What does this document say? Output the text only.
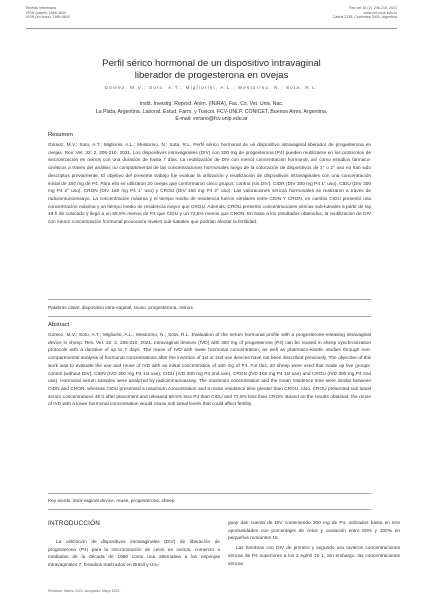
Revista Veterinaria
ISSN (papel): 1668-4834
ISSN (en línea): 1669-6840
Rev vet 32 (2): 206-210, 2021
www.vet.unne.edu.ar
Cabral 2139, Corrientes 3400, Argentina
Perfil sérico hormonal de un dispositivo intravaginal
liberador de progesterona en ovejas
Gómez, M.V.; Soto, A.T.; Migliorisi, A.L.; Mestorino, N.; Sota, R.L.
Instit. Investig. Reprod. Anim. (INIRA), Fac. Cs. Vet. Univ. Nac.
La Plata, Argentina. Laborat. Estud. Farm. y Toxicol. FCV-UNLP. CONICET, Buenos Aires, Argentina.
E-mail: verano@fcv.unlp.edu.ar
Resumen

Gómez, M.V.; Soto, A.T.; Migliorisi, A.L.; Mestorino, N.; Sota, R.L. Perfil sérico hormonal de un dispositivo intravaginal liberador de progesterona en ovejas. Rev. Vet. 32: 2, 206-210, 2021. Los dispositivos intravaginales (DIV) con 300 mg de progesterona (P4) pueden reutilizarse en los protocolos de sincronización en ovinos con una duración de hasta 7 días. La reutilización de DIV con menor concentración hormonal, así como estudios farmaco-cinéticos a través del análisis no compartimental de las concentraciones hormonales luego de la colocación de dispositivos de 1° o 2° uso no han sido descriptos previamente. El objetivo del presente trabajo fue evaluar la utilización y reutilización de dispositivos intravaginales con una concentración inicial de 160 mg de P4. Para ello se utilizaron 20 ovejas que conformaron cinco grupos: control (sin DIV), CIDR (DIV 300 mg P4 1° uso), CIDU (DIV 300 mg P4 2° uso), CRON (DIV 160 mg P4 1° uso) y CROU (DIV 160 mg P4 2° uso). Las valoraciones séricas hormonales se realizaron a través de radioinmunoensayo. La concentración máxima y el tiempo medio de residencia fueron similares entre CIDN Y CRON, en cambio CIDU presentó una concentración máxima y un tiempo medio de residencia mayor que CROU. Además, CROU presentó concentraciones séricas sub-luteales a partir de las 48 h de colocado y llegó a un 68,5% menos de P4 que CIDU y un 72,5% menos que CRON. En base a los resultados obtenidos, la reutilización de DIV con menor concentración hormonal provocaría niveles sub-luteales que podrían afectar la fertilidad.

Palabras clave: dispositivo intra-vaginal, reuso, progesterona, ovinos.

Abstract

Gómez, M.V.; Soto, A.T.; Migliorisi, A.L.; Mestorino, N.; Sota, R.L. Evaluation of the serum hormonal profile with a progesterone-releasing intravaginal device in sheep. Rev. Vet. 32: 2, 206-210, 2021. Intravaginal devices (IVD) with 300 mg of progesterone (P4) can be reused in sheep synchronization protocols with a duration of up to 7 days. The reuse of IVD with lower hormonal concentration, as well as pharmaco-kinetic studies through non-compartmental analysis of hormonal concentrations after the insertion of 1st or 2nd use devices have not been described previously. The objective of this work was to evaluate the use and reuse of IVD with an initial concentration of 160 mg of P4. For this, 20 sheep were used that made up five groups: control (without DIV), CIDN (IVD 300 mg P4 1st use), CIDU (IVD 300 mg P4 2nd use), CRON (IVD 160 mg P4 1st use) and CROU (IVD 300 mg P4 2nd use). Hormonal serum samples were analyzed by radioimmunoassay. The maximum concentration and the mean residence time were similar between CIDN and CRON, whereas CIDU presented a maximum concentration and a mean residence time greater than CROU. Also, CROU presented sub luteal serum concentrations 48 h after placement and released 68.5% less P4 than CIDU and 72.5% less than CRON. Based on the results obtained, the reuse of IVD with a lower hormonal concentration would cause sub luteal levels that could affect fertility.

Key words: intra-vaginal device, reuse, progesterone, sheep

INTRODUCCIÓN

La utilización de dispositivos intravaginales (DIV) de liberación de progesterona (P4) para la sincronización de celos en ovinos, comenzó a mediados de la década de 1980 como una alternativa a las esponjas intravaginales 7. Estudios realizados en Brasil y Uru-

guay dan cuenta de DIV conteniendo 300 mg de P4, utilizados hasta en tres oportunidades con porcentajes de celos y ovulación entre 80% y 100% en pequeños rumiantes 16.

Las hembras con DIV de primero y segundo uso tuvieron concentraciones séricas de P4 superiores a los 2 ng/ml 10 1. Sin embargo, las concentraciones séricas

Recibido: Marzo 2021. Aceptado: Mayo 2021.
